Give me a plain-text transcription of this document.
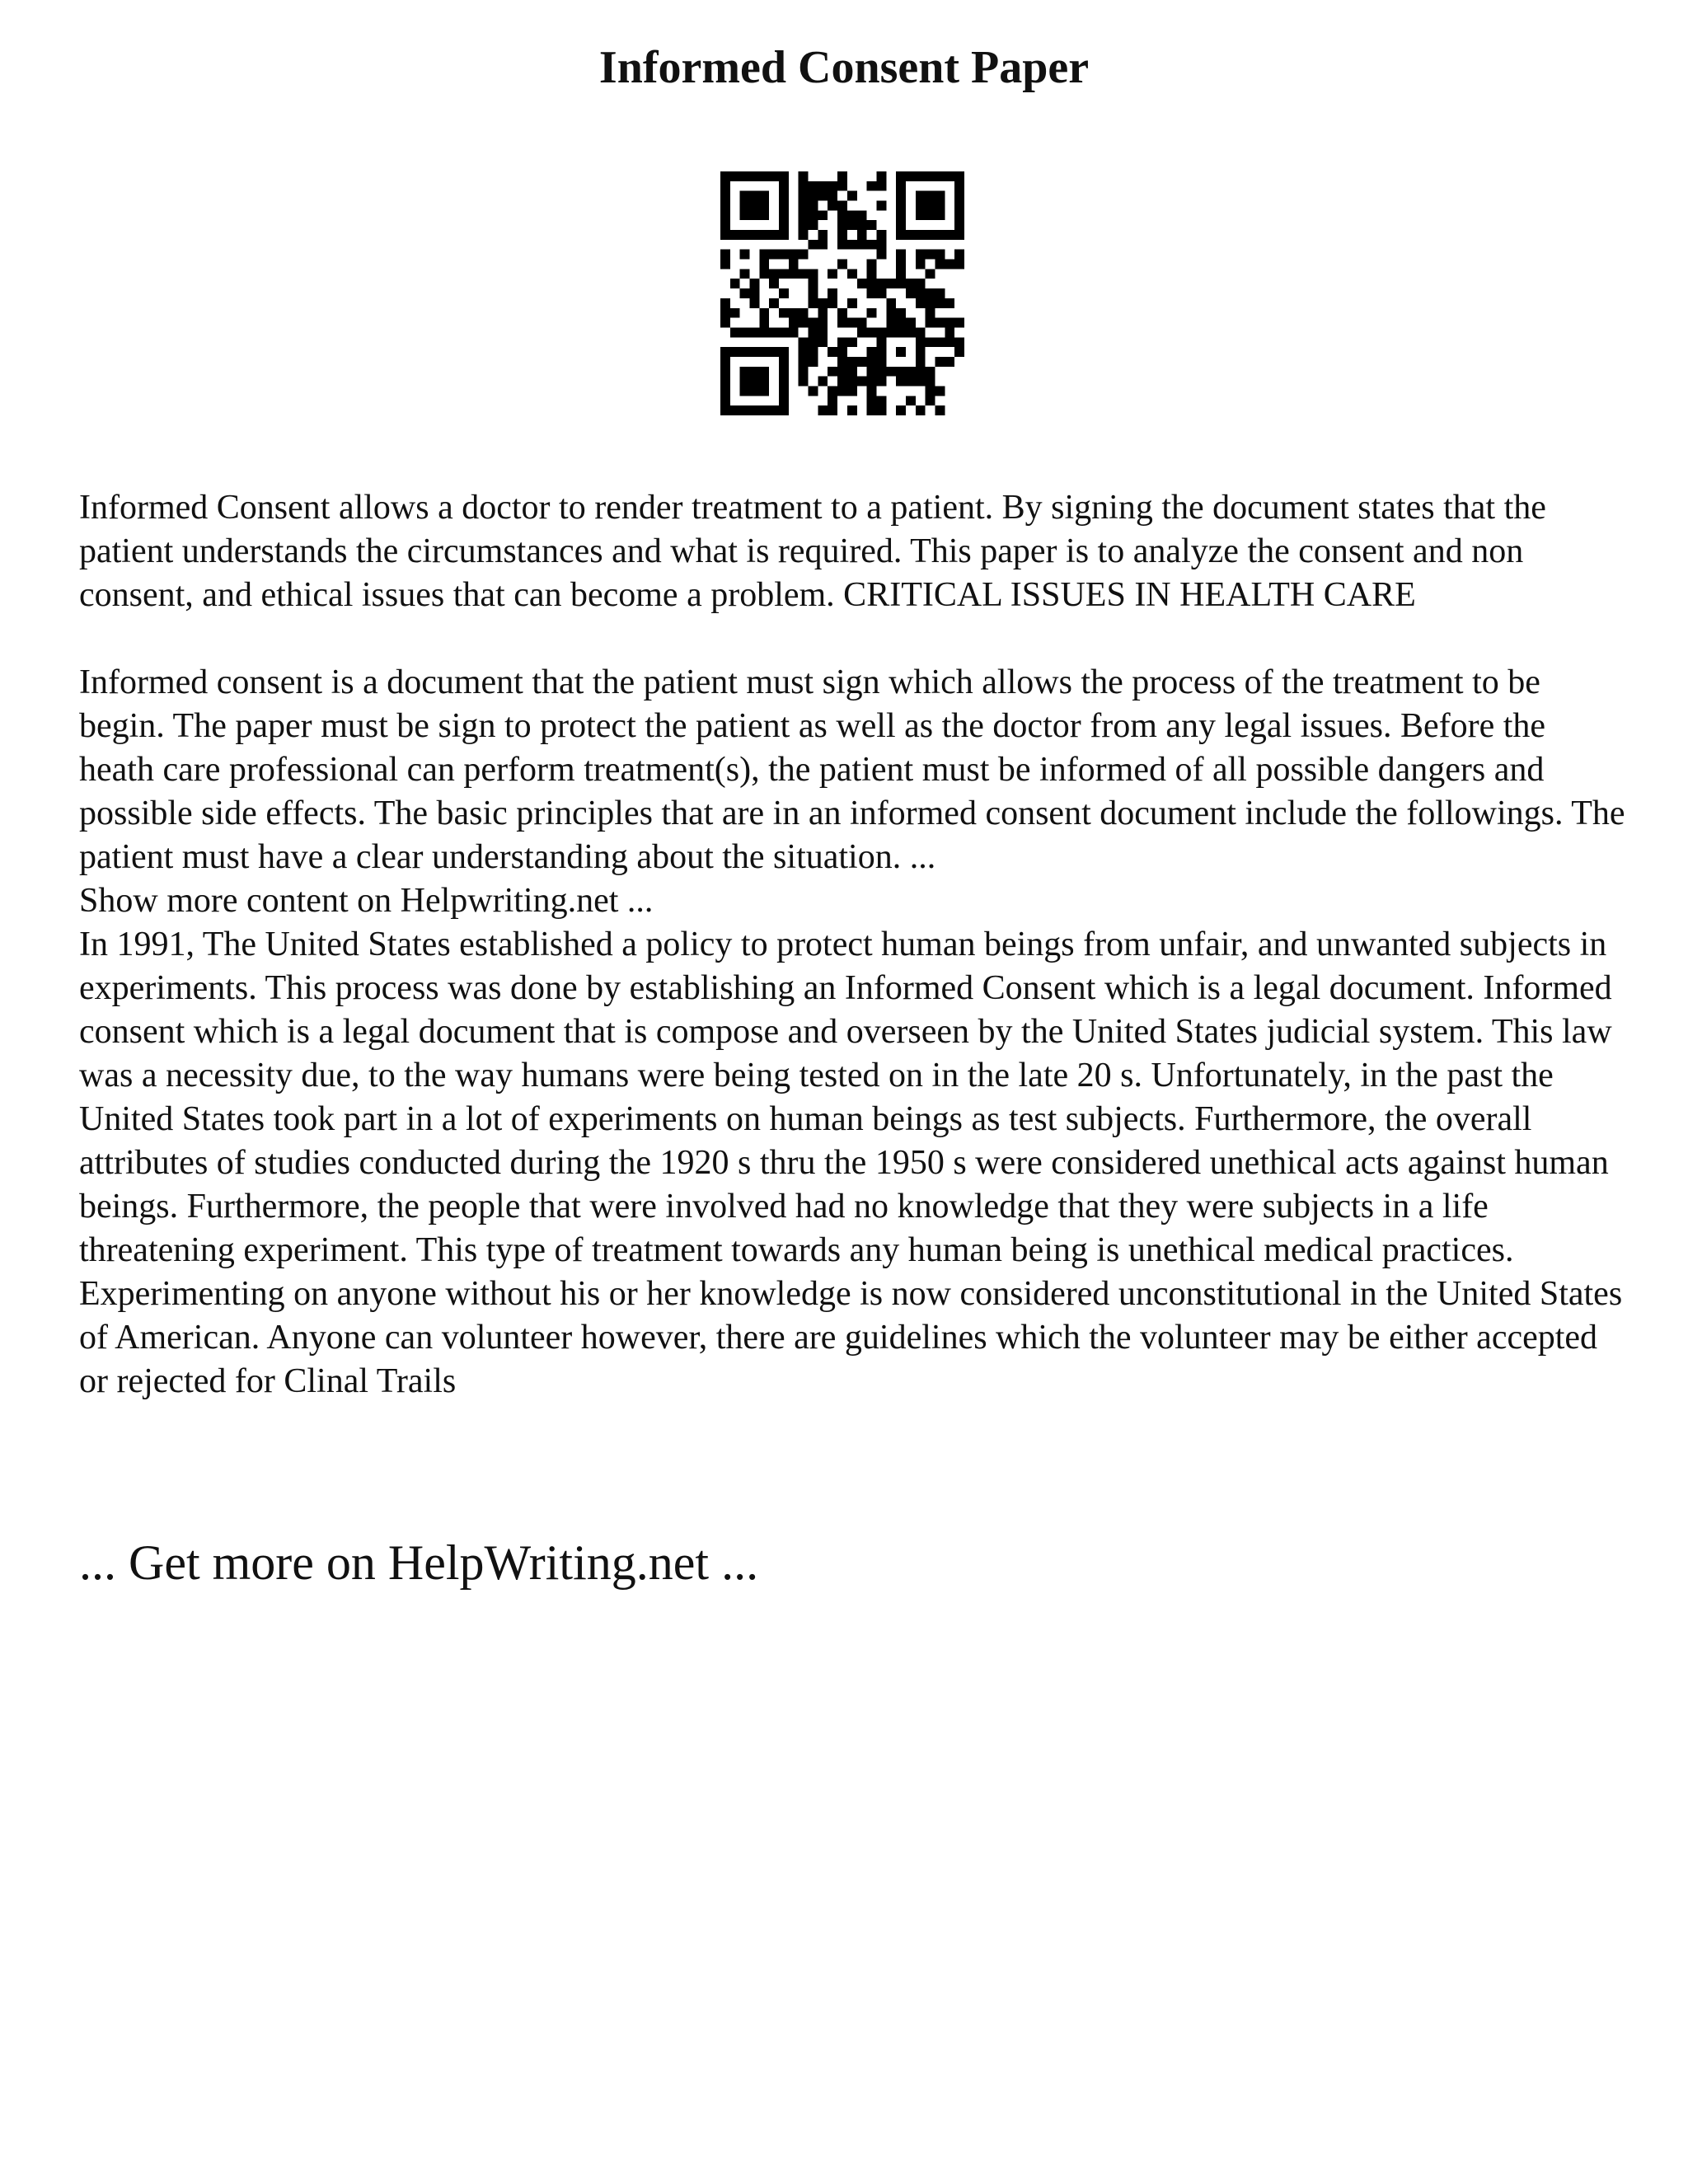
Informed Consent Paper

Informed Consent allows a doctor to render treatment to a patient. By signing the document states that the patient understands the circumstances and what is required. This paper is to analyze the consent and non consent, and ethical issues that can become a problem. CRITICAL ISSUES IN HEALTH CARE

Informed consent is a document that the patient must sign which allows the process of the treatment to be begin. The paper must be sign to protect the patient as well as the doctor from any legal issues. Before the heath care professional can perform treatment(s), the patient must be informed of all possible dangers and possible side effects. The basic principles that are in an informed consent document include the followings. The patient must have a clear understanding about the situation. ...

Show more content on Helpwriting.net ...

In 1991, The United States established a policy to protect human beings from unfair, and unwanted subjects in experiments. This process was done by establishing an Informed Consent which is a legal document. Informed consent which is a legal document that is compose and overseen by the United States judicial system. This law was a necessity due, to the way humans were being tested on in the late 20 s. Unfortunately, in the past the United States took part in a lot of experiments on human beings as test subjects. Furthermore, the overall attributes of studies conducted during the 1920 s thru the 1950 s were considered unethical acts against human beings. Furthermore, the people that were involved had no knowledge that they were subjects in a life threatening experiment. This type of treatment towards any human being is unethical medical practices. Experimenting on anyone without his or her knowledge is now considered unconstitutional in the United States of American. Anyone can volunteer however, there are guidelines which the volunteer may be either accepted or rejected for Clinal Trails

... Get more on HelpWriting.net ...
